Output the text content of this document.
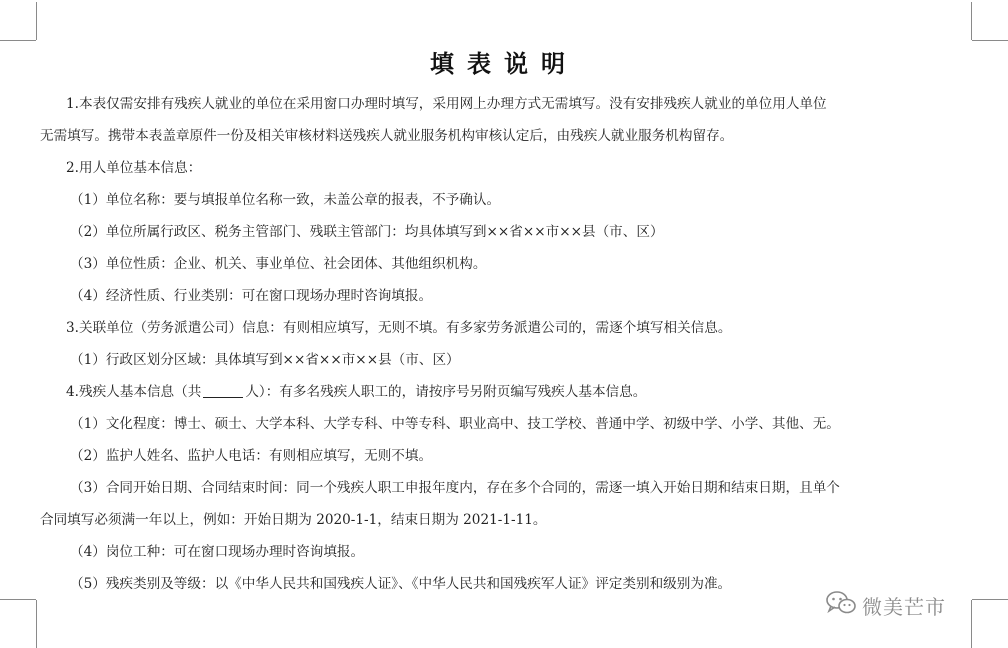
填表说明
1.本表仅需安排有残疾人就业的单位在采用窗口办理时填写，采用网上办理方式无需填写。没有安排残疾人就业的单位用人单位
无需填写。携带本表盖章原件一份及相关审核材料送残疾人就业服务机构审核认定后，由残疾人就业服务机构留存。
2.用人单位基本信息：
（1）单位名称：要与填报单位名称一致，未盖公章的报表，不予确认。
（2）单位所属行政区、税务主管部门、残联主管部门：均具体填写到××省××市××县（市、区）
（3）单位性质：企业、机关、事业单位、社会团体、其他组织机构。
（4）经济性质、行业类别：可在窗口现场办理时咨询填报。
3.关联单位（劳务派遣公司）信息：有则相应填写，无则不填。有多家劳务派遣公司的，需逐个填写相关信息。
（1）行政区划分区域：具体填写到××省××市××县（市、区）
4.残疾人基本信息（共	人）：有多名残疾人职工的，请按序号另附页编写残疾人基本信息。
（1）文化程度：博士、硕士、大学本科、大学专科、中等专科、职业高中、技工学校、普通中学、初级中学、小学、其他、无。
（2）监护人姓名、监护人电话：有则相应填写，无则不填。
（3）合同开始日期、合同结束时间：同一个残疾人职工申报年度内，存在多个合同的，需逐一填入开始日期和结束日期，且单个
合同填写必须满一年以上，例如：开始日期为 2020-1-1，结束日期为 2021-1-11。
（4）岗位工种：可在窗口现场办理时咨询填报。
（5）残疾类别及等级：以《中华人民共和国残疾人证》、《中华人民共和国残疾军人证》评定类别和级别为准。
微美芒市
